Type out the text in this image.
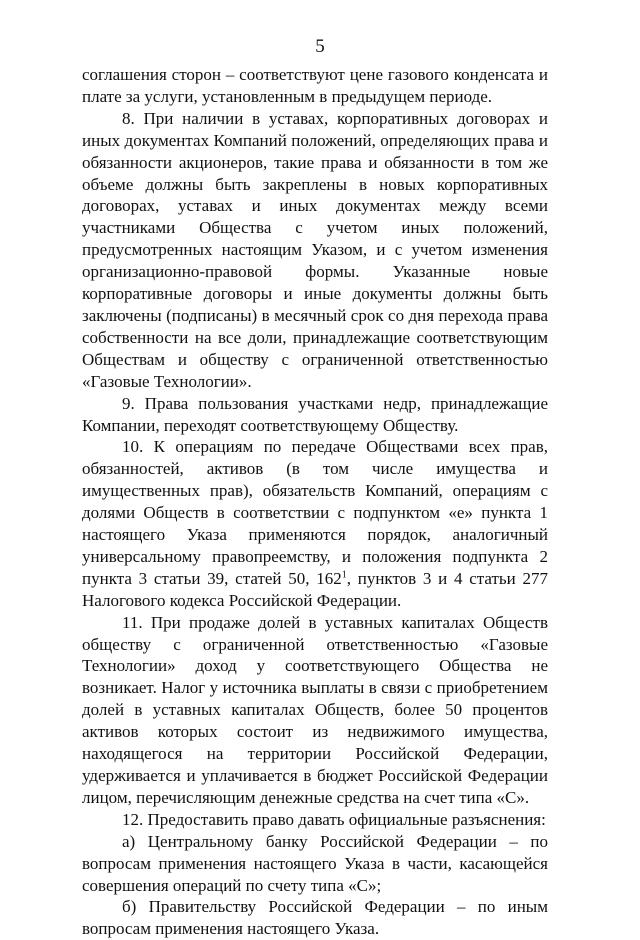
5

соглашения сторон – соответствуют цене газового конденсата и плате за услуги, установленным в предыдущем периоде.

8. При наличии в уставах, корпоративных договорах и иных документах Компаний положений, определяющих права и обязанности акционеров, такие права и обязанности в том же объеме должны быть закреплены в новых корпоративных договорах, уставах и иных документах между всеми участниками Общества с учетом иных положений, предусмотренных настоящим Указом, и с учетом изменения организационно-правовой формы. Указанные новые корпоративные договоры и иные документы должны быть заключены (подписаны) в месячный срок со дня перехода права собственности на все доли, принадлежащие соответствующим Обществам и обществу с ограниченной ответственностью «Газовые Технологии».

9. Права пользования участками недр, принадлежащие Компании, переходят соответствующему Обществу.

10. К операциям по передаче Обществами всех прав, обязанностей, активов (в том числе имущества и имущественных прав), обязательств Компаний, операциям с долями Обществ в соответствии с подпунктом «е» пункта 1 настоящего Указа применяются порядок, аналогичный универсальному правопреемству, и положения подпункта 2 пункта 3 статьи 39, статей 50, $162^1$, пунктов 3 и 4 статьи 277 Налогового кодекса Российской Федерации.

11. При продаже долей в уставных капиталах Обществ обществу с ограниченной ответственностью «Газовые Технологии» доход у соответствующего Общества не возникает. Налог у источника выплаты в связи с приобретением долей в уставных капиталах Обществ, более 50 процентов активов которых состоит из недвижимого имущества, находящегося на территории Российской Федерации, удерживается и уплачивается в бюджет Российской Федерации лицом, перечисляющим денежные средства на счет типа «С».

12. Предоставить право давать официальные разъяснения:

а) Центральному банку Российской Федерации – по вопросам применения настоящего Указа в части, касающейся совершения операций по счету типа «С»;

б) Правительству Российской Федерации – по иным вопросам применения настоящего Указа.
